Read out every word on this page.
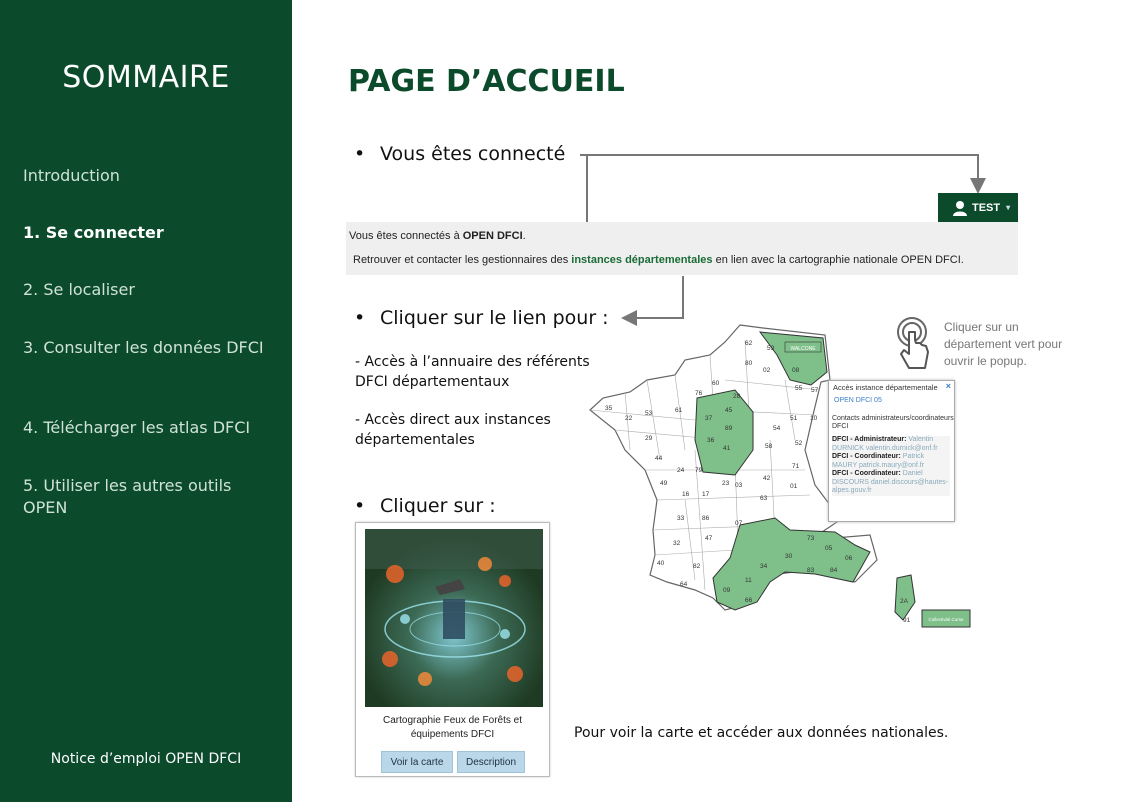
SOMMAIRE
Introduction
1. Se connecter
2. Se localiser
3. Consulter les données DFCI
4. Télécharger les atlas DFCI
5. Utiliser les autres outils OPEN
Notice d’emploi OPEN DFCI
PAGE D’ACCUEIL
• Vous êtes connecté
• Cliquer sur le lien pour :
- Accès à l’annuaire des référents DFCI départementaux
- Accès direct aux instances départementales
• Cliquer sur :
TEST ▾
Vous êtes connectés à OPEN DFCI.
Retrouver et contacter les gestionnaires des instances départementales en lien avec la cartographie nationale OPEN DFCI.
Cartographie Feux de Forêts et équipements DFCI
Voir la carte	Description
WALCONE
Collectivité Corse
62
59
80
02	08
55 57
10
51
54
52
71
42
58
01
03
63
07
86
23
17
16
24 79
33
47
32
40	82
64
37
36
89
41
45
28
60
76
61
53
35
22
29
44
49
73
05
06
84
83
30
34
11
66
09
2A
91
Cliquer sur un département vert pour ouvrir le popup.
Accès instance départementale ×
OPEN DFCI 05
Contacts administrateurs/coordinateurs DFCI
DFCI - Administrateur: Valentin DURNICK valentin.durnick@onf.fr
DFCI - Coordinateur: Patrick MAURY patrick.maury@onf.fr
DFCI - Coordinateur: Daniel DISCOURS daniel.discours@hautes-alpes.gouv.fr
Pour voir la carte et accéder aux données nationales.
